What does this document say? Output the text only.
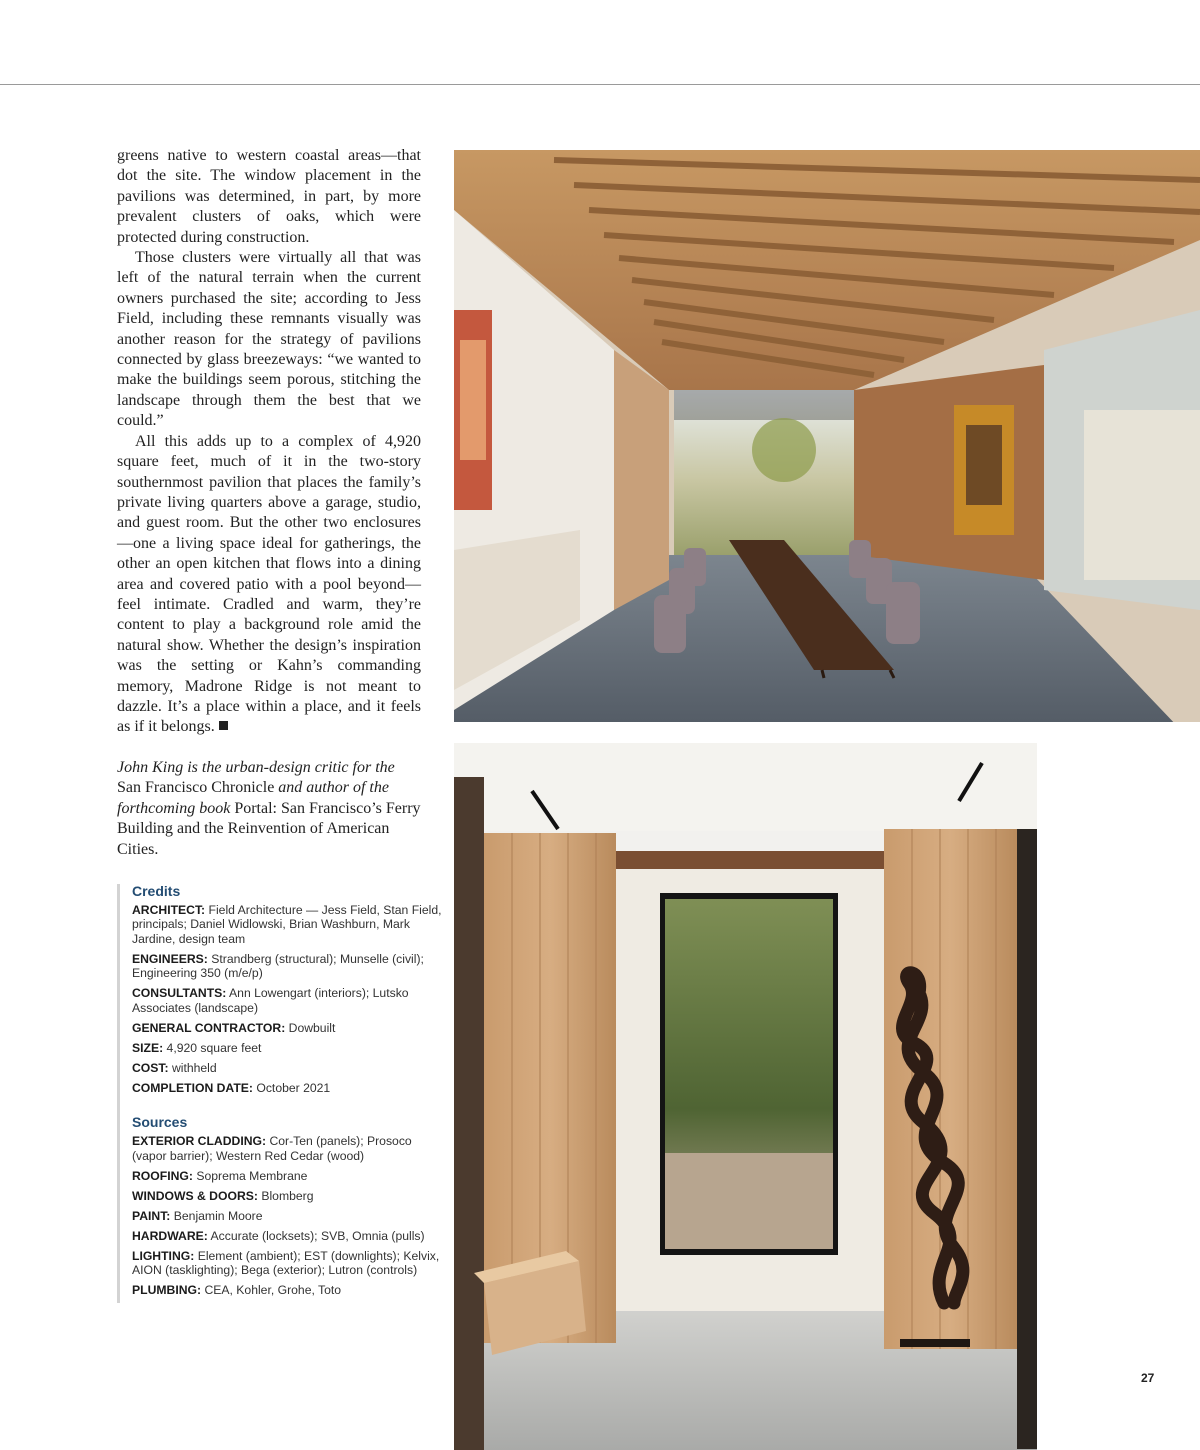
greens native to western coastal areas—that dot the site. The window placement in the pavilions was determined, in part, by more prevalent clusters of oaks, which were protected during construction.

Those clusters were virtually all that was left of the natural terrain when the current owners purchased the site; according to Jess Field, including these remnants visually was another reason for the strategy of pavilions connected by glass breezeways: “we wanted to make the buildings seem porous, stitching the landscape through them the best that we could.”

All this adds up to a complex of 4,920 square feet, much of it in the two-story southernmost pavilion that places the family’s private living quarters above a garage, studio, and guest room. But the other two enclosures—one a living space ideal for gatherings, the other an open kitchen that flows into a dining area and covered patio with a pool beyond—feel intimate. Cradled and warm, they’re content to play a background role amid the natural show. Whether the design’s inspiration was the setting or Kahn’s commanding memory, Madrone Ridge is not meant to dazzle. It’s a place within a place, and it feels as if it belongs.

John King is the urban-design critic for the San Francisco Chronicle and author of the forthcoming book Portal: San Francisco’s Ferry Building and the Reinvention of American Cities.
Credits
ARCHITECT: Field Architecture — Jess Field, Stan Field, principals; Daniel Widlowski, Brian Washburn, Mark Jardine, design team
ENGINEERS: Strandberg (structural); Munselle (civil); Engineering 350 (m/e/p)
CONSULTANTS: Ann Lowengart (interiors); Lutsko Associates (landscape)
GENERAL CONTRACTOR: Dowbuilt
SIZE: 4,920 square feet
COST: withheld
COMPLETION DATE: October 2021
Sources
EXTERIOR CLADDING: Cor-Ten (panels); Prosoco (vapor barrier); Western Red Cedar (wood)
ROOFING: Soprema Membrane
WINDOWS & DOORS: Blomberg
PAINT: Benjamin Moore
HARDWARE: Accurate (locksets); SVB, Omnia (pulls)
LIGHTING: Element (ambient); EST (downlights); Kelvix, AION (tasklighting); Bega (exterior); Lutron (controls)
PLUMBING: CEA, Kohler, Grohe, Toto
27
